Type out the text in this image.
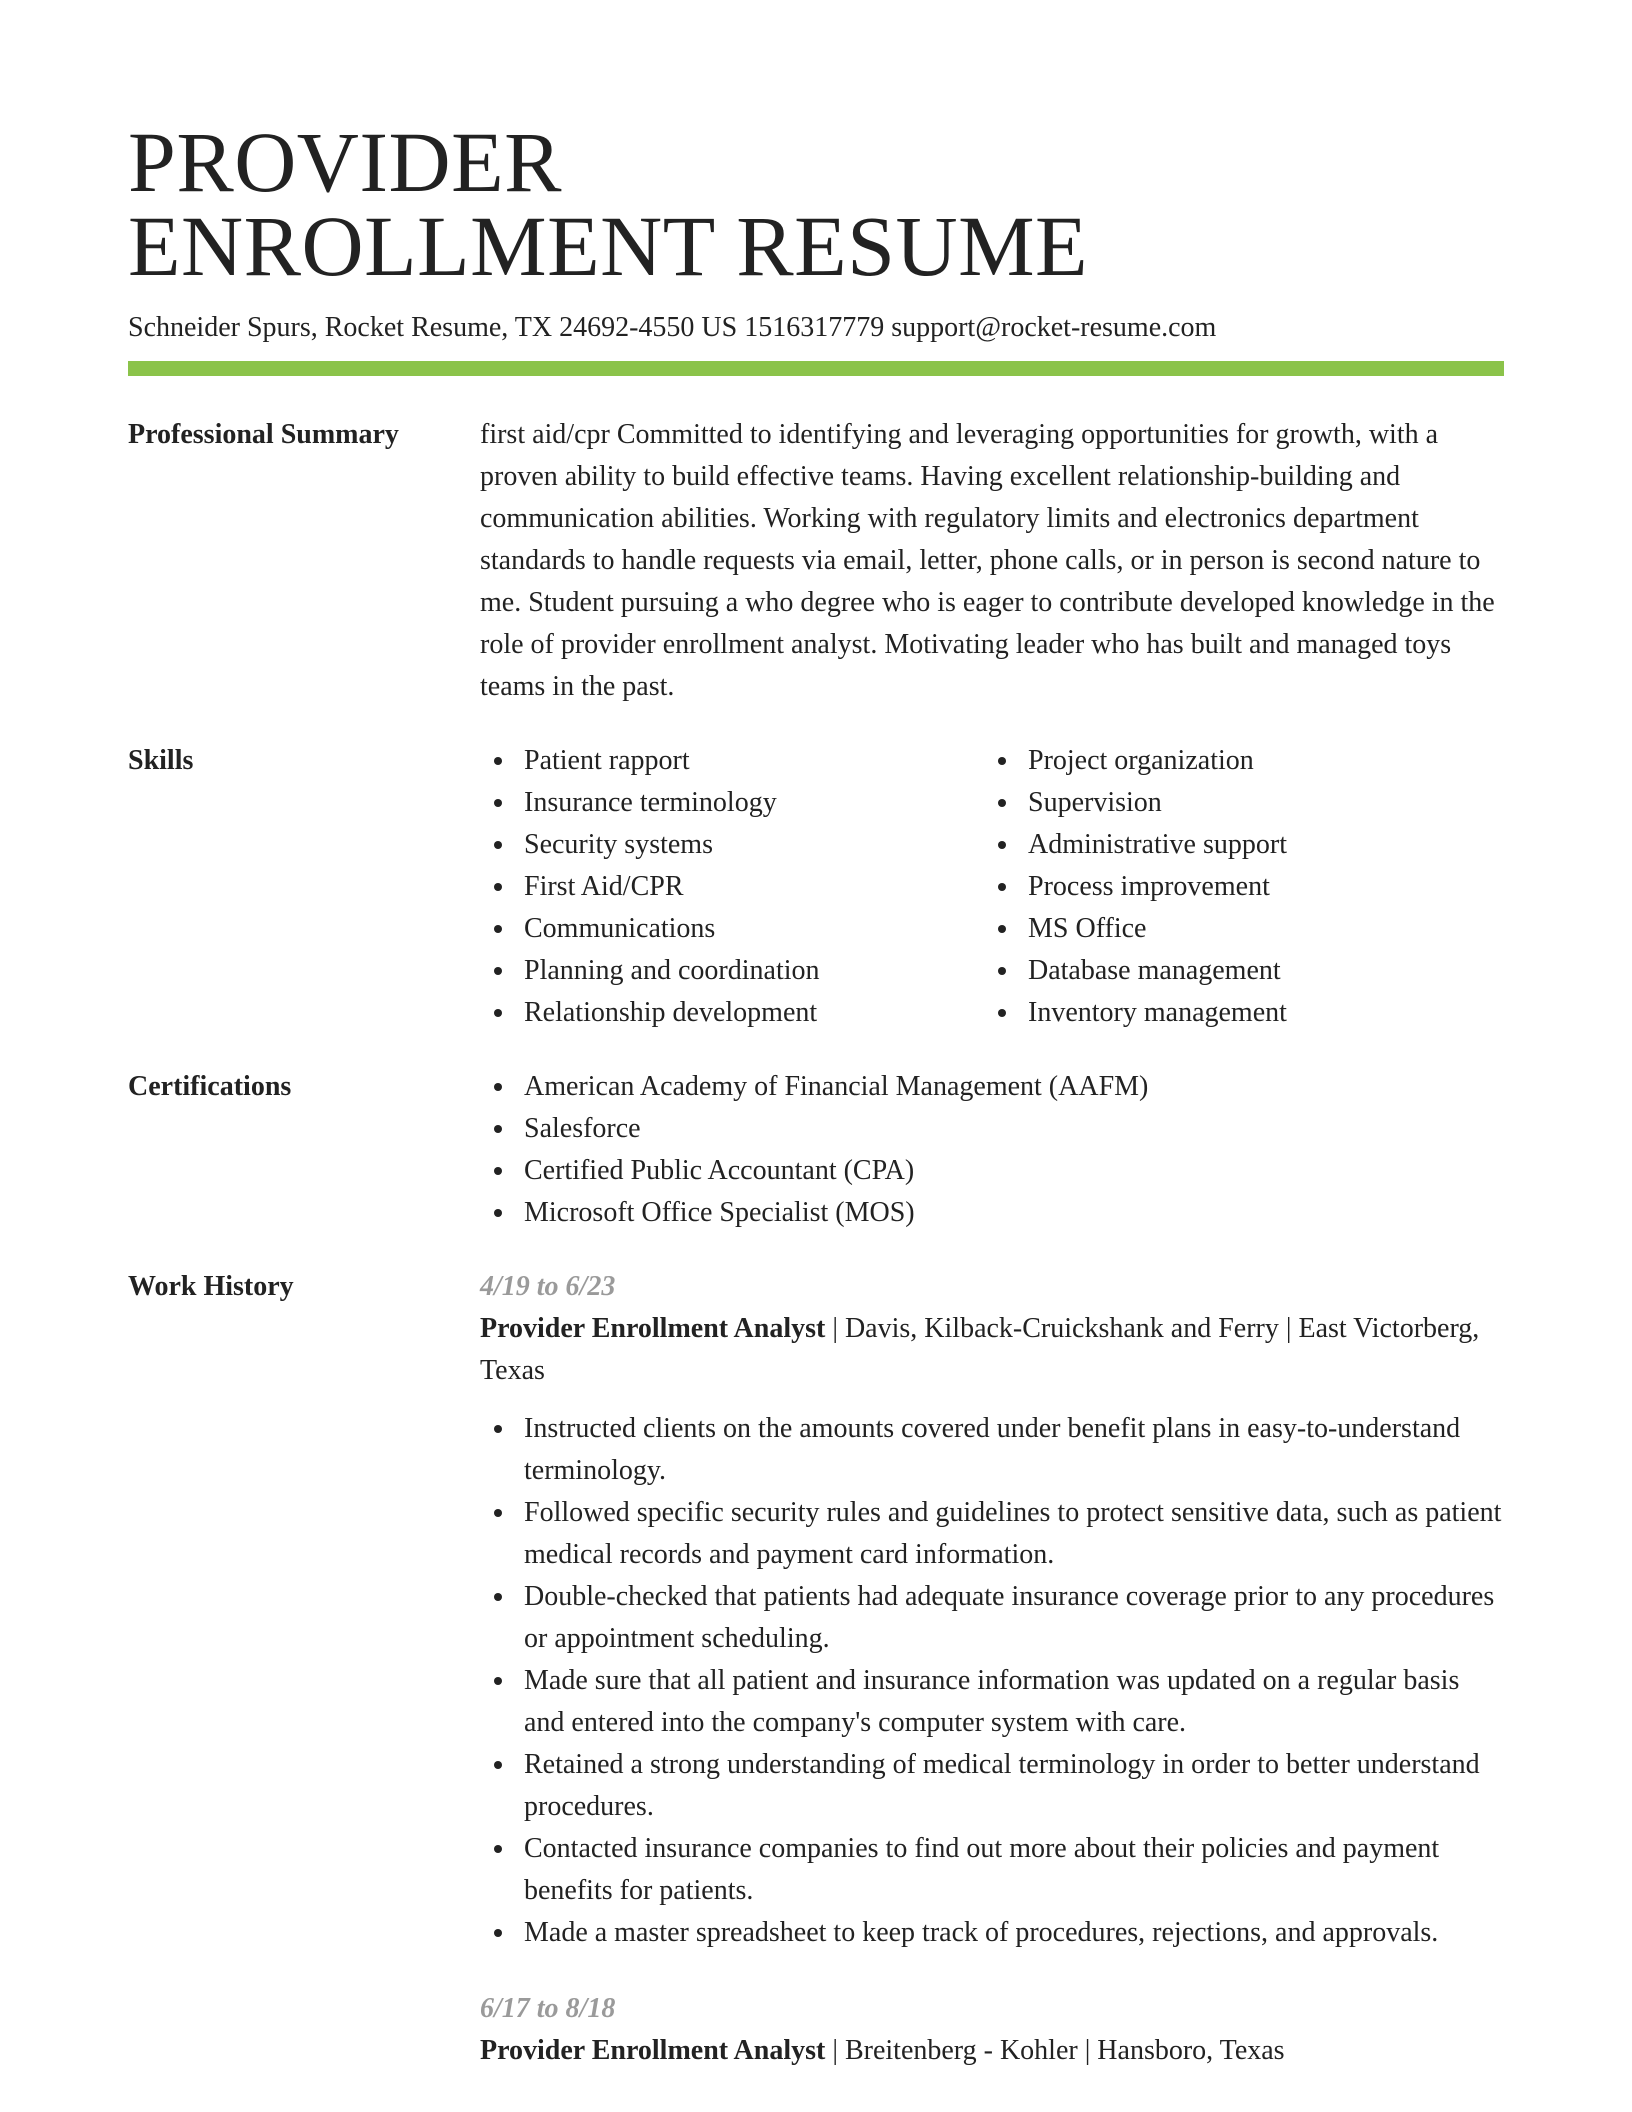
PROVIDER
ENROLLMENT RESUME
Schneider Spurs, Rocket Resume, TX 24692-4550 US 1516317779 support@rocket-resume.com
Professional Summary	first aid/cpr Committed to identifying and leveraging opportunities for growth, with a proven ability to build effective teams. Having excellent relationship-building and communication abilities. Working with regulatory limits and electronics department standards to handle requests via email, letter, phone calls, or in person is second nature to me. Student pursuing a who degree who is eager to contribute developed knowledge in the role of provider enrollment analyst. Motivating leader who has built and managed toys teams in the past.
Skills	Patient rapport
Insurance terminology
Security systems
First Aid/CPR
Communications
Planning and coordination
Relationship development
Project organization
Supervision
Administrative support
Process improvement
MS Office
Database management
Inventory management
Certifications	American Academy of Financial Management (AAFM)
Salesforce
Certified Public Accountant (CPA)
Microsoft Office Specialist (MOS)
Work History	4/19 to 6/23
Provider Enrollment Analyst | Davis, Kilback-Cruickshank and Ferry | East Victorberg, Texas
Instructed clients on the amounts covered under benefit plans in easy-to-understand terminology.
Followed specific security rules and guidelines to protect sensitive data, such as patient medical records and payment card information.
Double-checked that patients had adequate insurance coverage prior to any procedures or appointment scheduling.
Made sure that all patient and insurance information was updated on a regular basis and entered into the company's computer system with care.
Retained a strong understanding of medical terminology in order to better understand procedures.
Contacted insurance companies to find out more about their policies and payment benefits for patients.
Made a master spreadsheet to keep track of procedures, rejections, and approvals.
6/17 to 8/18
Provider Enrollment Analyst | Breitenberg - Kohler | Hansboro, Texas
